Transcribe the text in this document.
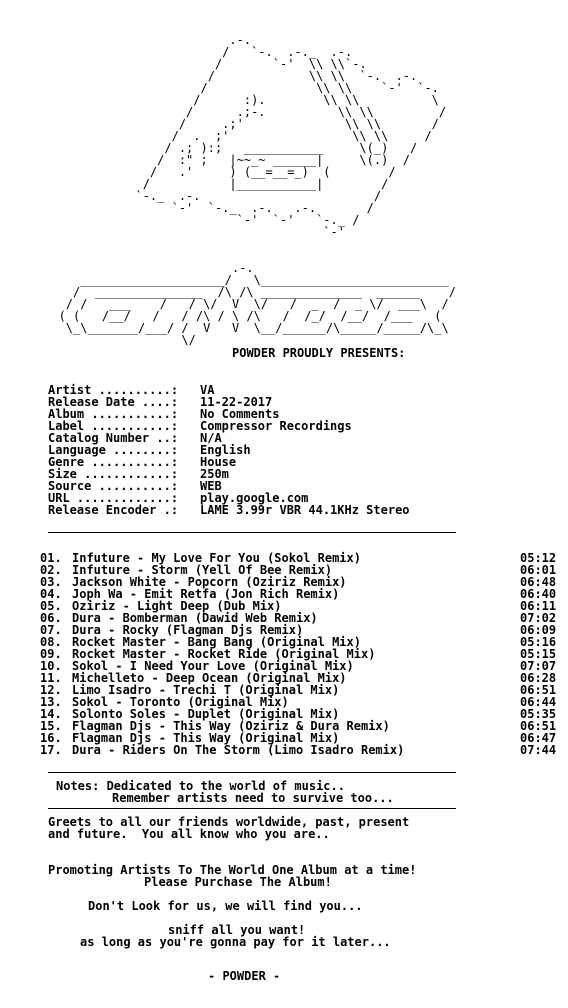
.-.
/   `-.  .-._  .-.
/       `-'  \\ \\`-.
/             \\ \\  `-.  .-.
/               \\ \\    `-'  `-.
/      :).        \\ \\          \
/      .;-.          \\ \\         /
/     .;'              \\ \\       /
/  .  ;'                 \\ \\     /
/ .; ):;   ___________     \(_)   /
/  :" ;   |~~_~ ______|     \(.)  /
/   .'     ) (__=__=_)  (        /
/           |___________|        /
`-._  .-.                        /
`-'  `-._  .-.   .-.       /
`-'  `-'   `-._ /
`-'
.-.
____________________/   \__________________________
/  _______________  /\ /\ ______________  ______    /
/ /   ___    /   / \/  V  \/   /  _  /  _ \/  ___\  /
( (   /__/   /   / /\ / \ /\   /  /_/  /__/  /___   (
\_\_______/___/ /  V   V  \__/______/\_____/_____/\_\
\/
POWDER PROUDLY PRESENTS:
Artist ..........: VA
Release Date ....: 11-22-2017
Album ...........: No Comments
Label ...........: Compressor Recordings
Catalog Number ..: N/A
Language ........: English
Genre ...........: House
Size ............: 250m
Source ..........: WEB
URL .............: play.google.com
Release Encoder .: LAME 3.99r VBR 44.1KHz Stereo
01. Infuture - My Love For You (Sokol Remix)	05:12
02. Infuture - Storm (Yell Of Bee Remix)	06:01
03. Jackson White - Popcorn (Oziriz Remix)	06:48
04. Joph Wa - Emit Retfa (Jon Rich Remix)	06:40
05. Oziriz - Light Deep (Dub Mix)	06:11
06. Dura - Bomberman (Dawid Web Remix)	07:02
07. Dura - Rocky (Flagman Djs Remix)	06:09
08. Rocket Master - Bang Bang (Original Mix)	05:16
09. Rocket Master - Rocket Ride (Original Mix)	05:15
10. Sokol - I Need Your Love (Original Mix)	07:07
11. Michelleto - Deep Ocean (Original Mix)	06:28
12. Limo Isadro - Trechi T (Original Mix)	06:51
13. Sokol - Toronto (Original Mix)	06:44
14. Solonto Soles - Duplet (Original Mix)	05:35
15. Flagman Djs - This Way (Oziriz & Dura Remix)	06:51
16. Flagman Djs - This Way (Original Mix)	06:47
17. Dura - Riders On The Storm (Limo Isadro Remix)	07:44
Notes: Dedicated to the world of music..
Remember artists need to survive too...
Greets to all our friends worldwide, past, present
and future.  You all know who you are..
Promoting Artists To The World One Album at a time!
Please Purchase The Album!
Don't Look for us, we will find you...
sniff all you want!
as long as you're gonna pay for it later...
- POWDER -
